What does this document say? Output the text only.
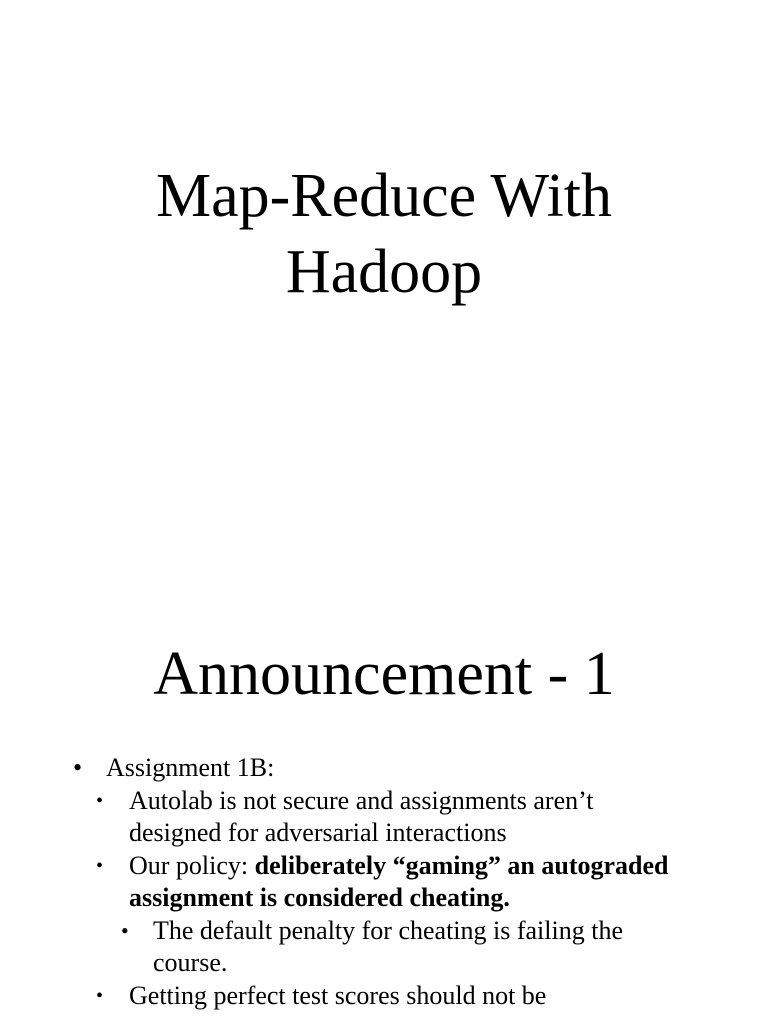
Map-Reduce With
Hadoop
Announcement - 1
• Assignment 1B:
• Autolab is not secure and assignments aren’t designed for adversarial interactions
• Our policy: deliberately “gaming” an autograded assignment is considered cheating.
• The default penalty for cheating is failing the course.
• Getting perfect test scores should not be
